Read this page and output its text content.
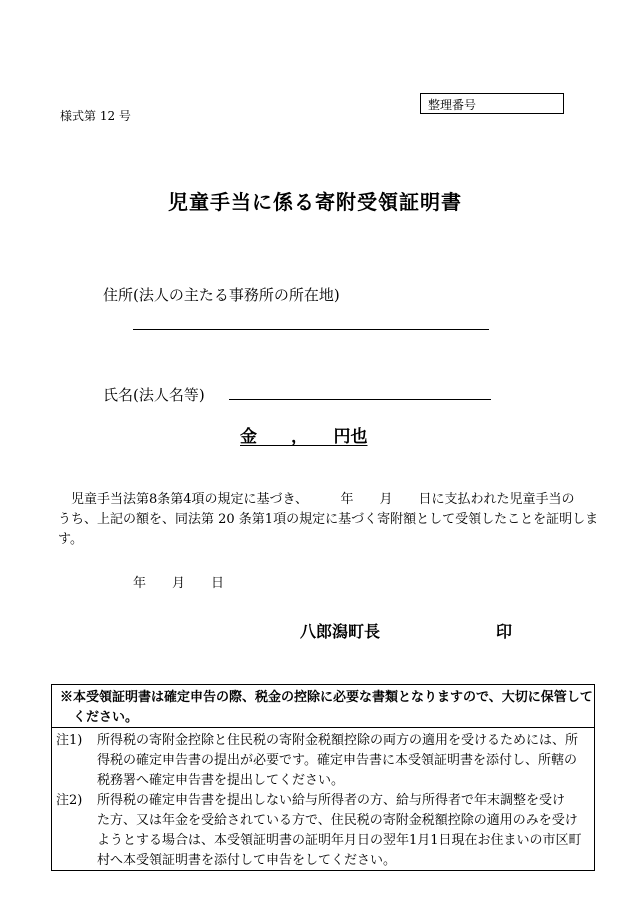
様式第 12 号
整理番号
児童手当に係る寄附受領証明書
住所(法人の主たる事務所の所在地)
氏名(法人名等)
金　　，　　円也
児童手当法第8条第4項の規定に基づき、　　　年　　月　　日に支払われた児童手当の
うち、上記の額を、同法第 20 条第1項の規定に基づく寄附額として受領したことを証明しま
す。
年　　月　　日
八郎潟町長	印
※本受領証明書は確定申告の際、税金の控除に必要な書類となりますので、大切に保管して
ください。
注1) 所得税の寄附金控除と住民税の寄附金税額控除の両方の適用を受けるためには、所
得税の確定申告書の提出が必要です。確定申告書に本受領証明書を添付し、所轄の
税務署へ確定申告書を提出してください。
注2) 所得税の確定申告書を提出しない給与所得者の方、給与所得者で年末調整を受け
た方、又は年金を受給されている方で、住民税の寄附金税額控除の適用のみを受け
ようとする場合は、本受領証明書の証明年月日の翌年1月1日現在お住まいの市区町
村へ本受領証明書を添付して申告をしてください。
